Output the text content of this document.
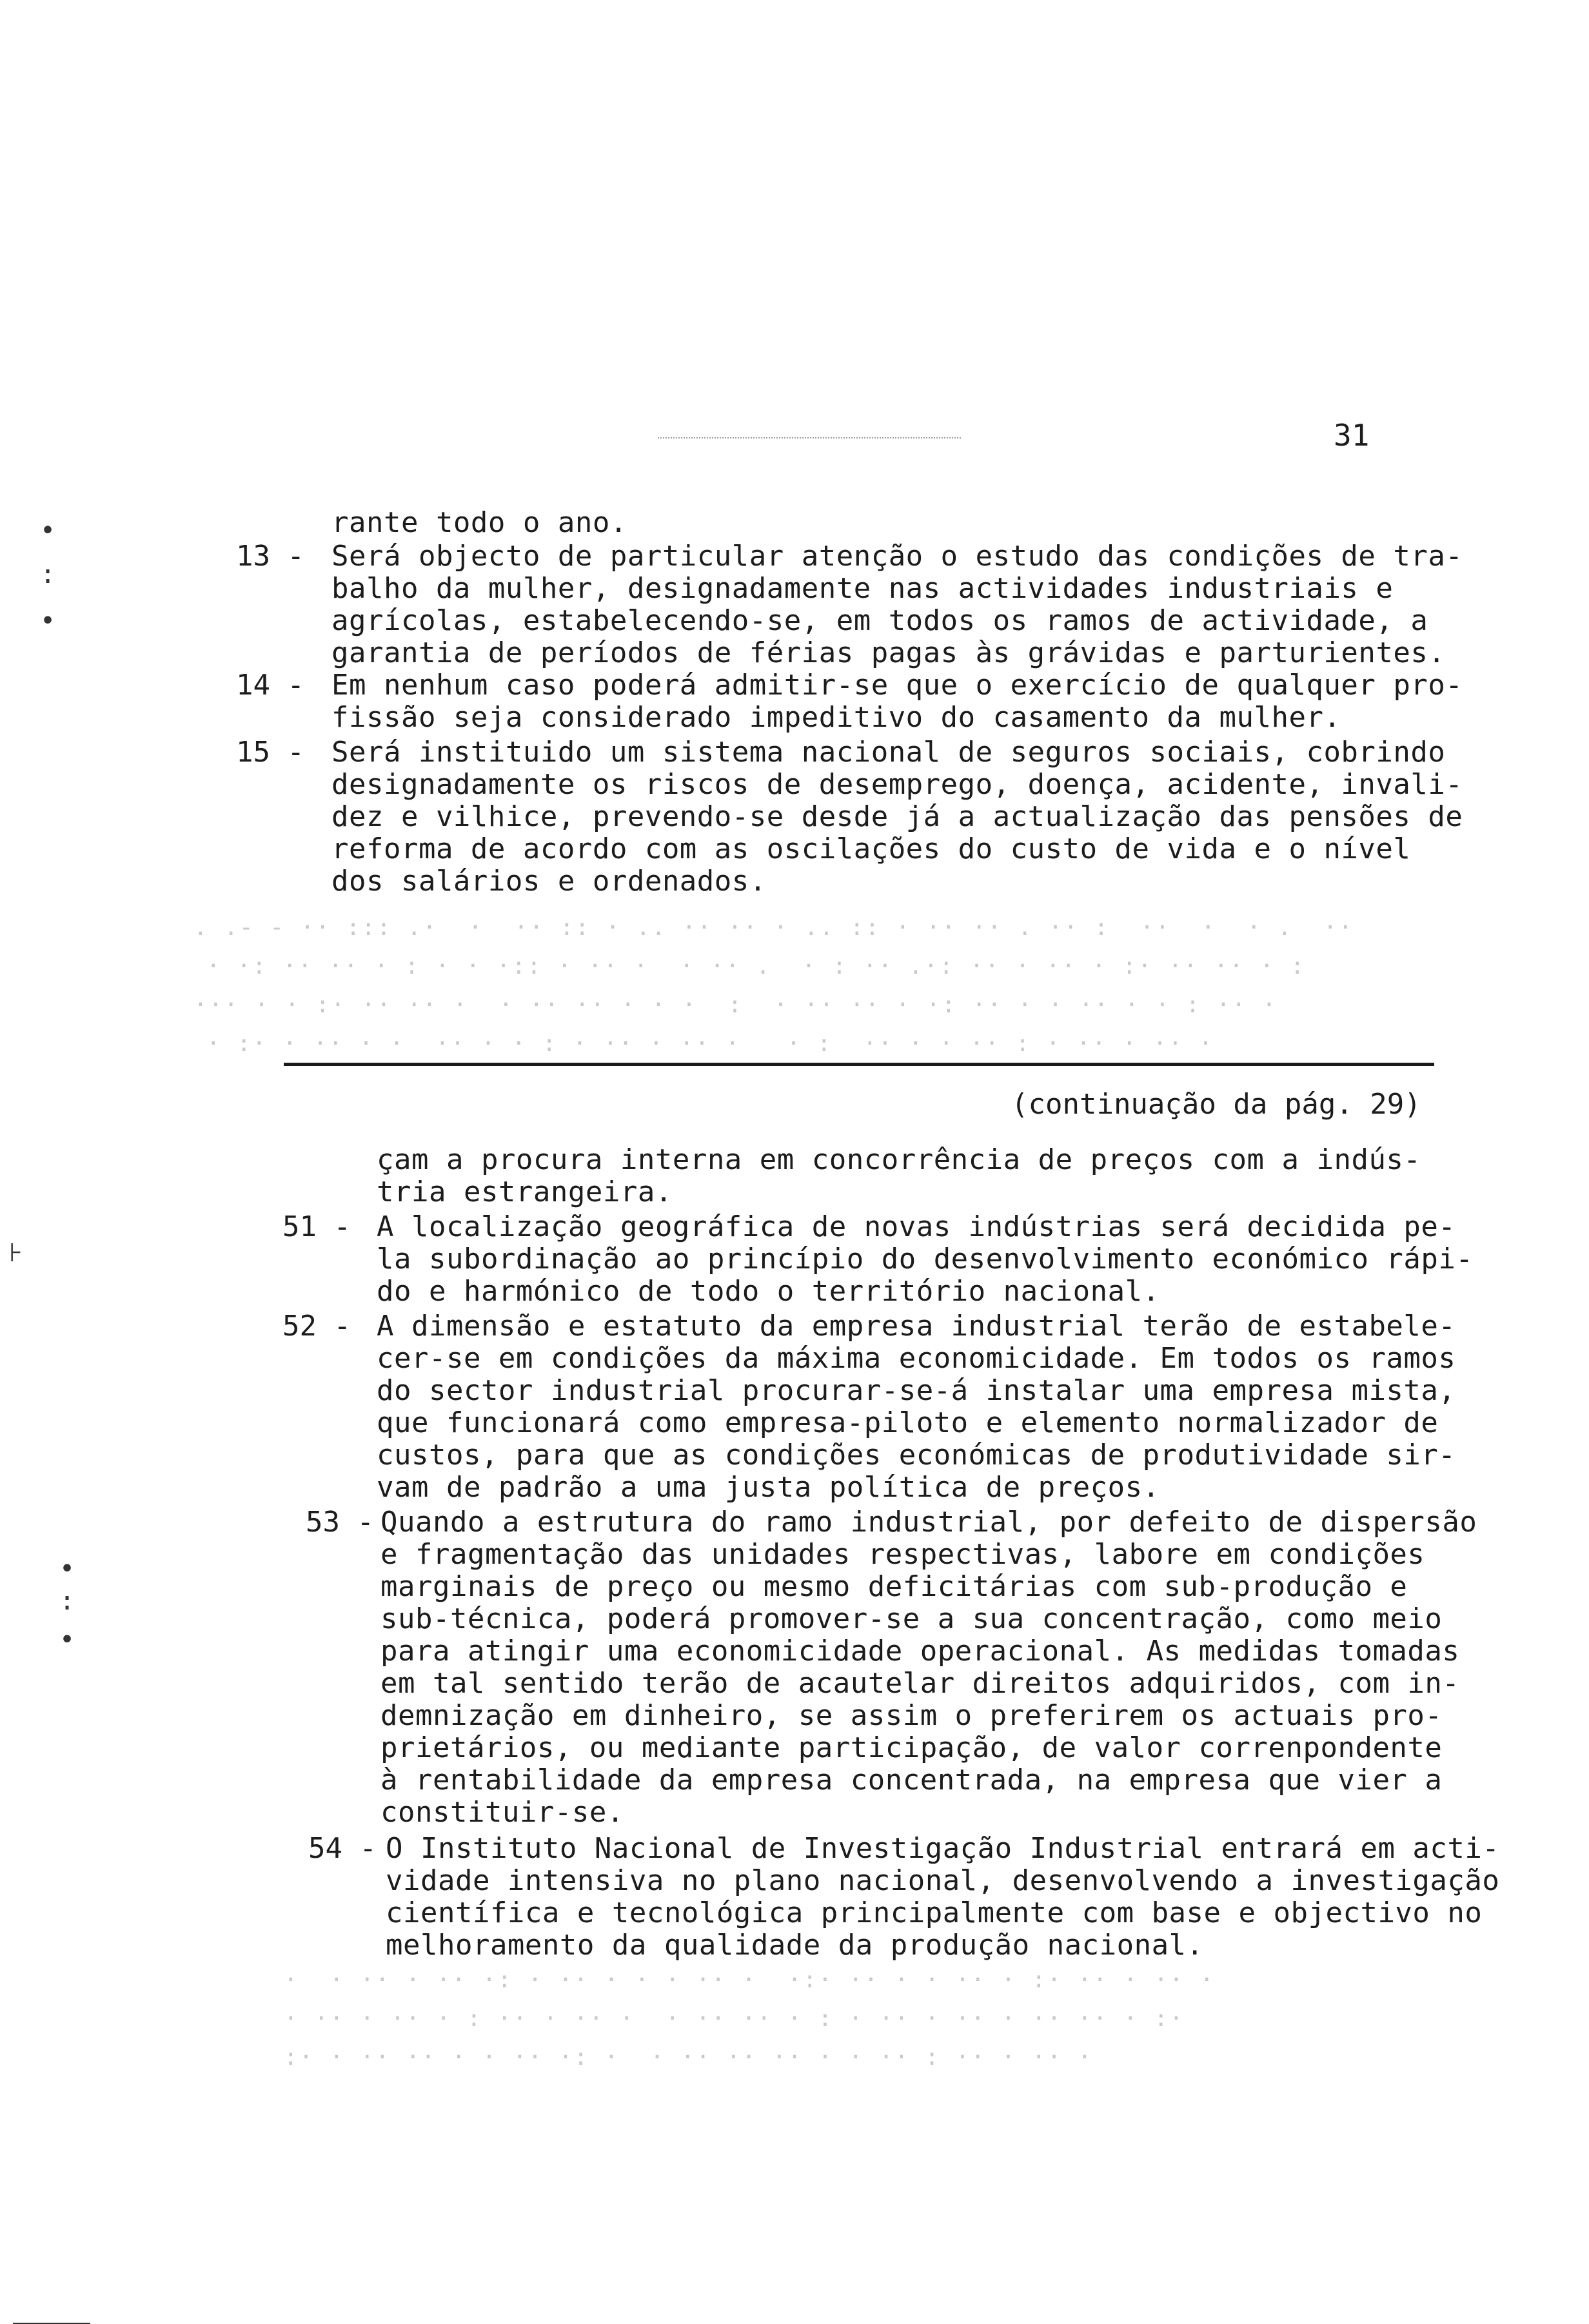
31
•
:
•
⊦
•
:
•
. .- - ·· ::: .·  ·  ·· :: · .. ·· ·· · .. :: · ·· ·· . ·· :  ··  ·  · .  ··
· ·: ·· ·· · : · · ·:: · ·· ·  · ·· .  · : ·· .·: ·· · ·· · :· ·· ·· · :
··· · · :· ·· ·· ·  · ·· ·· · · ·  :  · ·· ·· · ·: ·· · · ·· · · : ·· ·
· :· · ·· · ·  ·· · · : · ·· · ·· ·   · :  ·· · · ·· : · ·· · ·· ·
·  · ·· · ·· ·: · ·· · · · ·· ·  ·:· ·· · · ·· · :· ·· · ·· ·
· ·· · ·· · : ·· · ·· ·  · ·· ·· · : · ·· · ·· · ·· ·· · :·
:· · ·· ·· · · ·· ·: ·  · ·· ·· ·· · · ·· : ·· · ·· ·
rante todo o ano.
13 - Será objecto de particular atenção o estudo das condições de tra-
balho da mulher, designadamente nas actividades industriais e
agrícolas, estabelecendo-se, em todos os ramos de actividade, a
garantia de períodos de férias pagas às grávidas e parturientes.
14 - Em nenhum caso poderá admitir-se que o exercício de qualquer pro-
fissão seja considerado impeditivo do casamento da mulher.
15 - Será instituido um sistema nacional de seguros sociais, cobrindo
designadamente os riscos de desemprego, doença, acidente, invali-
dez e vilhice, prevendo-se desde já a actualização das pensões de
reforma de acordo com as oscilações do custo de vida e o nível
dos salários e ordenados.
(continuação da pág. 29)
çam a procura interna em concorrência de preços com a indús-
tria estrangeira.
51 - A localização geográfica de novas indústrias será decidida pe-
la subordinação ao princípio do desenvolvimento económico rápi-
do e harmónico de todo o território nacional.
52 - A dimensão e estatuto da empresa industrial terão de estabele-
cer-se em condições da máxima economicidade. Em todos os ramos
do sector industrial procurar-se-á instalar uma empresa mista,
que funcionará como empresa-piloto e elemento normalizador de
custos, para que as condições económicas de produtividade sir-
vam de padrão a uma justa política de preços.
53 - Quando a estrutura do ramo industrial, por defeito de dispersão
e fragmentação das unidades respectivas, labore em condições
marginais de preço ou mesmo deficitárias com sub-produção e
sub-técnica, poderá promover-se a sua concentração, como meio
para atingir uma economicidade operacional. As medidas tomadas
em tal sentido terão de acautelar direitos adquiridos, com in-
demnização em dinheiro, se assim o preferirem os actuais pro-
prietários, ou mediante participação, de valor correnpondente
à rentabilidade da empresa concentrada, na empresa que vier a
constituir-se.
54 - O Instituto Nacional de Investigação Industrial entrará em acti-
vidade intensiva no plano nacional, desenvolvendo a investigação
científica e tecnológica principalmente com base e objectivo no
melhoramento da qualidade da produção nacional.
